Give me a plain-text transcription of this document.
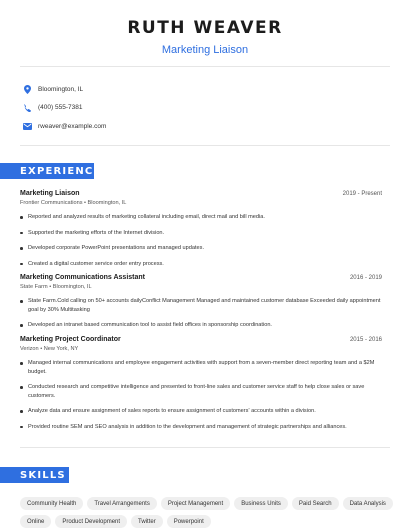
RUTH WEAVER
Marketing Liaison
Bloomington, IL
(400) 555-7381
rweaver@example.com
EXPERIENCE
Marketing Liaison	2019 - Present
Frontier Communications • Bloomington, IL
Reported and analyzed results of marketing collateral including email, direct mail and bill media.
Supported the marketing efforts of the Internet division.
Developed corporate PowerPoint presentations and managed updates.
Created a digital customer service order entry process.
Marketing Communications Assistant	2016 - 2019
State Farm • Bloomington, IL
State Farm.Cold calling on 50+ accounts dailyConflict Management Managed and maintained customer database Exceeded daily appointment goal by 30% Multitasking
Developed an intranet based communication tool to assist field offices in sponsorship coordination.
Marketing Project Coordinator	2015 - 2016
Verizon • New York, NY
Managed internal communications and employee engagement activities with support from a seven-member direct reporting team and a $2M budget.
Conducted research and competitive intelligence and presented to front-line sales and customer service staff to help close sales or save customers.
Analyze data and ensure assignment of sales reports to ensure assignment of customers' accounts within a division.
Provided routine SEM and SEO analysis in addition to the development and management of strategic partnerships and alliances.
SKILLS
Community Health	Travel Arrangements	Project Management	Business Units	Paid Search	Data Analysis
Online	Product Development	Twitter	Powerpoint
